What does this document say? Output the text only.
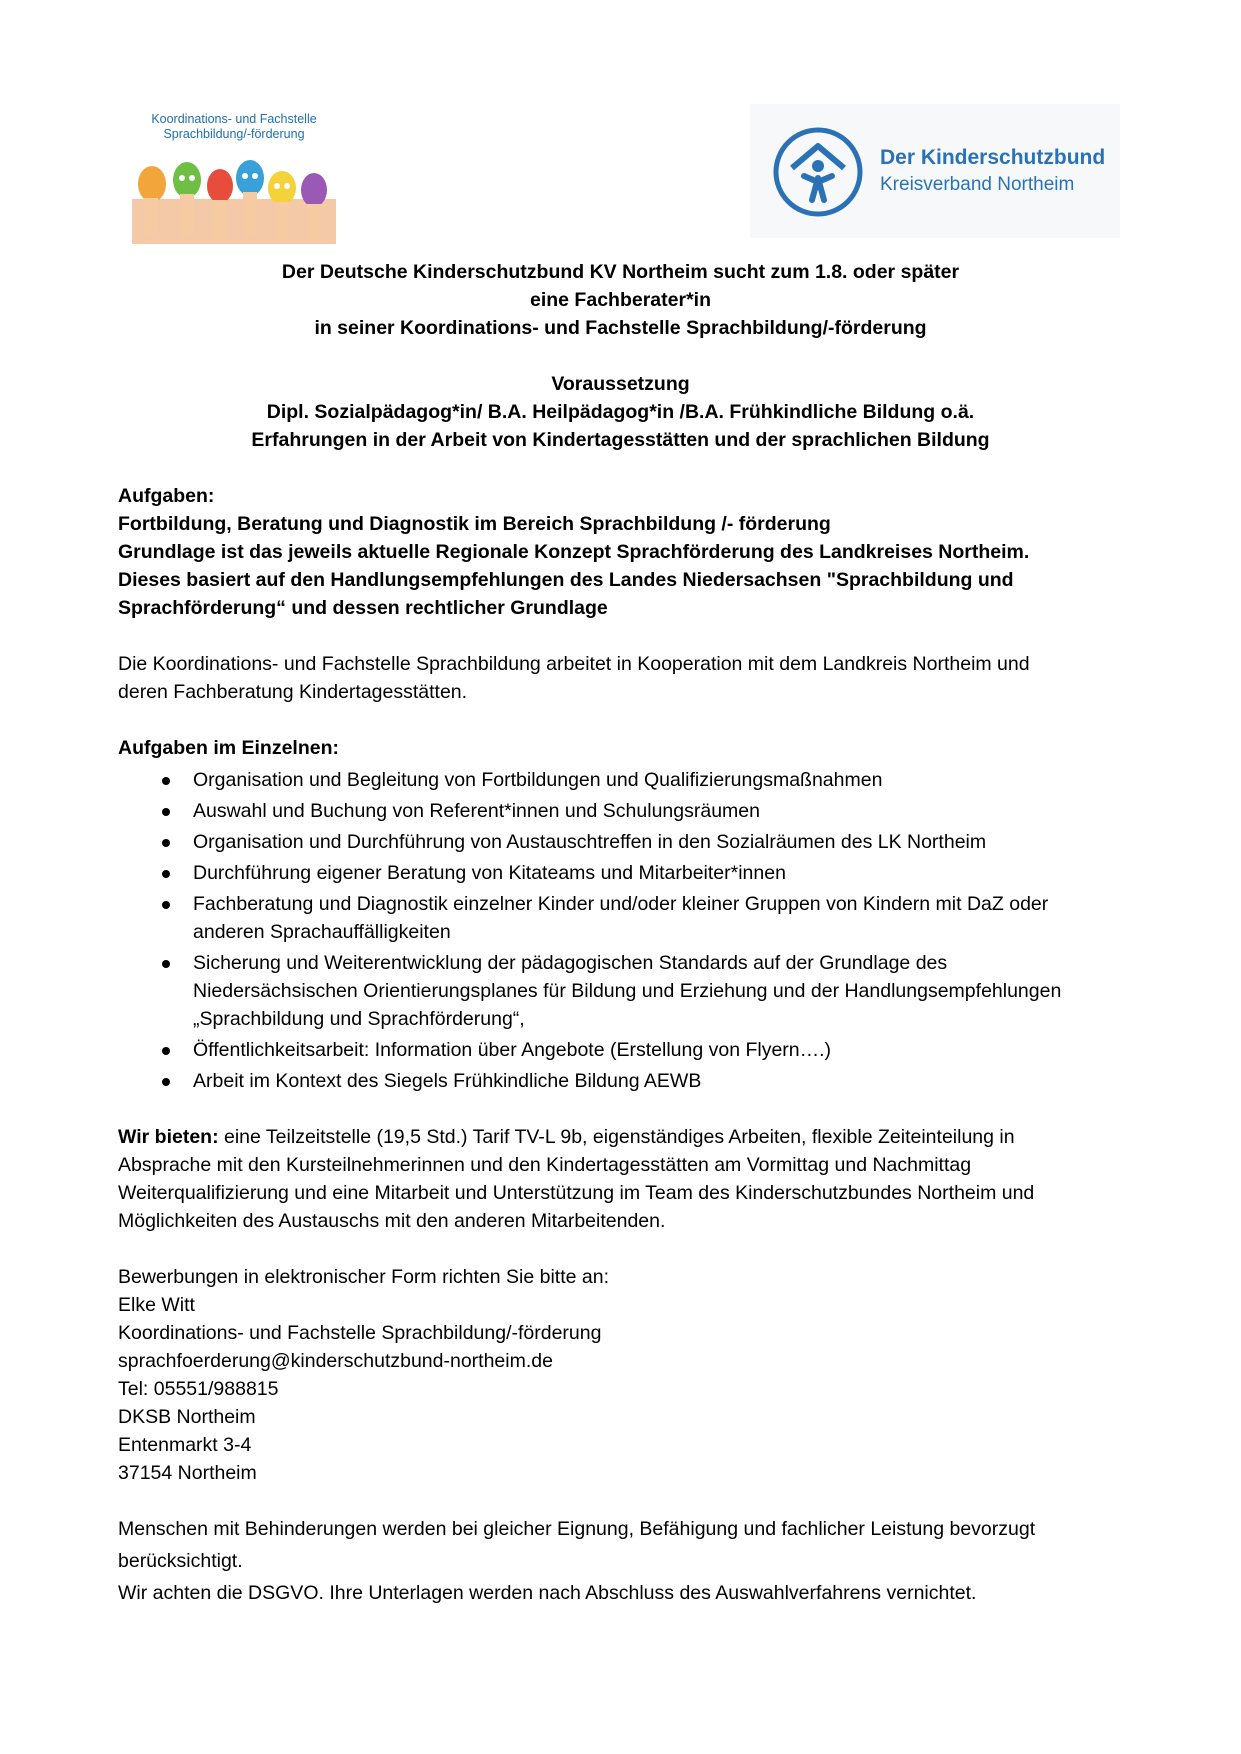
Koordinations- und Fachstelle
Sprachbildung/-förderung
Der Kinderschutzbund
Kreisverband Northeim
Der Deutsche Kinderschutzbund KV Northeim sucht zum 1.8. oder später
eine Fachberater*in
in seiner Koordinations- und Fachstelle Sprachbildung/-förderung
Voraussetzung
Dipl. Sozialpädagog*in/ B.A. Heilpädagog*in /B.A. Frühkindliche Bildung o.ä.
Erfahrungen in der Arbeit von Kindertagesstätten und der sprachlichen Bildung
Aufgaben:
Fortbildung, Beratung und Diagnostik im Bereich Sprachbildung /- förderung
Grundlage ist das jeweils aktuelle Regionale Konzept Sprachförderung des Landkreises Northeim.
Dieses basiert auf den Handlungsempfehlungen des Landes Niedersachsen "Sprachbildung und
Sprachförderung“ und dessen rechtlicher Grundlage
Die Koordinations- und Fachstelle Sprachbildung arbeitet in Kooperation mit dem Landkreis Northeim und
deren Fachberatung Kindertagesstätten.
Aufgaben im Einzelnen:
Organisation und Begleitung von Fortbildungen und Qualifizierungsmaßnahmen
Auswahl und Buchung von Referent*innen und Schulungsräumen
Organisation und Durchführung von Austauschtreffen in den Sozialräumen des LK Northeim
Durchführung eigener Beratung von Kitateams und Mitarbeiter*innen
Fachberatung und Diagnostik einzelner Kinder und/oder kleiner Gruppen von Kindern mit DaZ oder
anderen Sprachauffälligkeiten
Sicherung und Weiterentwicklung der pädagogischen Standards auf der Grundlage des
Niedersächsischen Orientierungsplanes für Bildung und Erziehung und der Handlungsempfehlungen
„Sprachbildung und Sprachförderung“,
Öffentlichkeitsarbeit: Information über Angebote (Erstellung von Flyern….)
Arbeit im Kontext des Siegels Frühkindliche Bildung AEWB
Wir bieten: eine Teilzeitstelle (19,5 Std.) Tarif TV-L 9b, eigenständiges Arbeiten, flexible Zeiteinteilung in
Absprache mit den Kursteilnehmerinnen und den Kindertagesstätten am Vormittag und Nachmittag
Weiterqualifizierung und eine Mitarbeit und Unterstützung im Team des Kinderschutzbundes Northeim und
Möglichkeiten des Austauschs mit den anderen Mitarbeitenden.
Bewerbungen in elektronischer Form richten Sie bitte an:
Elke Witt
Koordinations- und Fachstelle Sprachbildung/-förderung
sprachfoerderung@kinderschutzbund-northeim.de
Tel: 05551/988815
DKSB Northeim
Entenmarkt 3-4
37154 Northeim
Menschen mit Behinderungen werden bei gleicher Eignung, Befähigung und fachlicher Leistung bevorzugt
berücksichtigt.
Wir achten die DSGVO. Ihre Unterlagen werden nach Abschluss des Auswahlverfahrens vernichtet.
